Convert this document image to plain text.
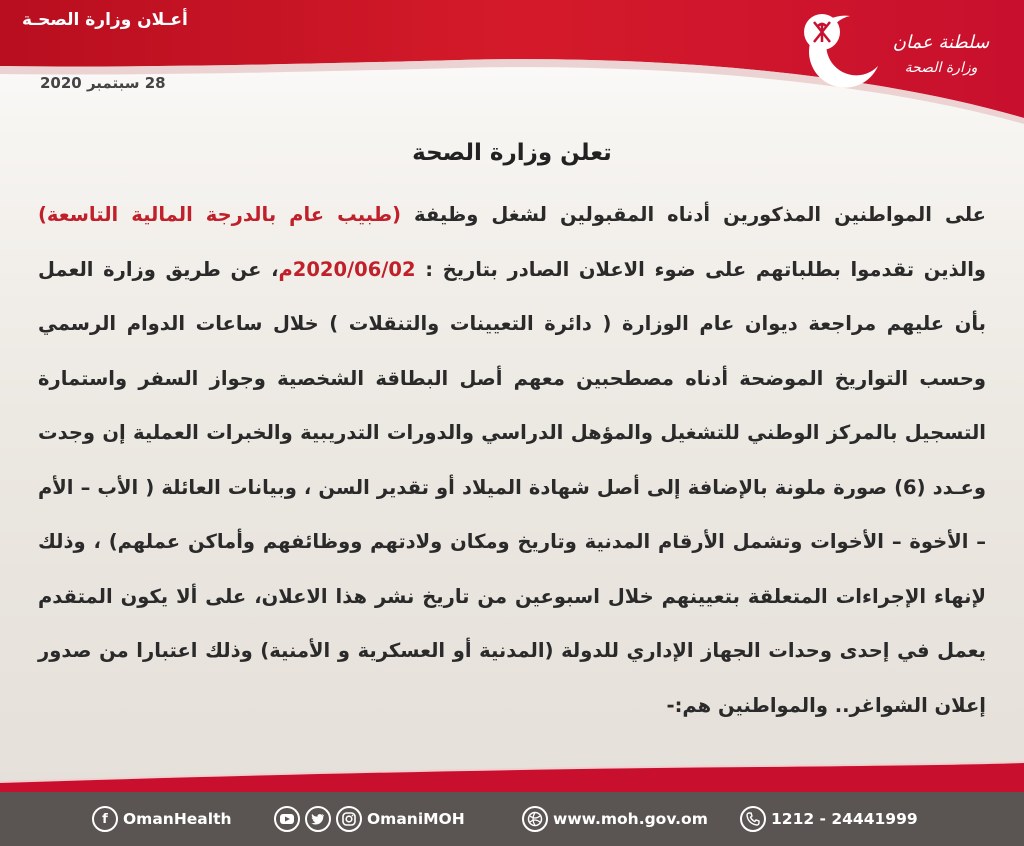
أعـلان وزارة الصحـة
سلطنة عمان
وزارة الصحة
28 سبتمبر 2020
تعلن وزارة الصحة
على المواطنين المذكورين أدناه المقبولين لشغل وظيفة (طبيب عام بالدرجة المالية التاسعة) والذين تقدموا بطلباتهم على ضوء الاعلان الصادر بتاريخ : 2020/06/02م، عن طريق وزارة العمل بأن عليهم مراجعة ديوان عام الوزارة ( دائرة التعيينات والتنقلات ) خلال ساعات الدوام الرسمي وحسب التواريخ الموضحة أدناه مصطحبين معهم أصل البطاقة الشخصية وجواز السفر واستمارة التسجيل بالمركز الوطني للتشغيل والمؤهل الدراسي والدورات التدريبية والخبرات العملية إن وجدت وعـدد (6) صورة ملونة بالإضافة إلى أصل شهادة الميلاد أو تقدير السن ، وبيانات العائلة ( الأب – الأم – الأخوة – الأخوات وتشمل الأرقام المدنية وتاريخ ومكان ولادتهم ووظائفهم وأماكن عملهم) ، وذلك لإنهاء الإجراءات المتعلقة بتعيينهم خلال اسبوعين من تاريخ نشر هذا الاعلان، على ألا يكون المتقدم يعمل في إحدى وحدات الجهاز الإداري للدولة (المدنية أو العسكرية و الأمنية) وذلك اعتبارا من صدور إعلان الشواغر.. والمواطنين هم:-
f OmanHealth	OmaniMOH	www.moh.gov.om	1212 - 24441999
